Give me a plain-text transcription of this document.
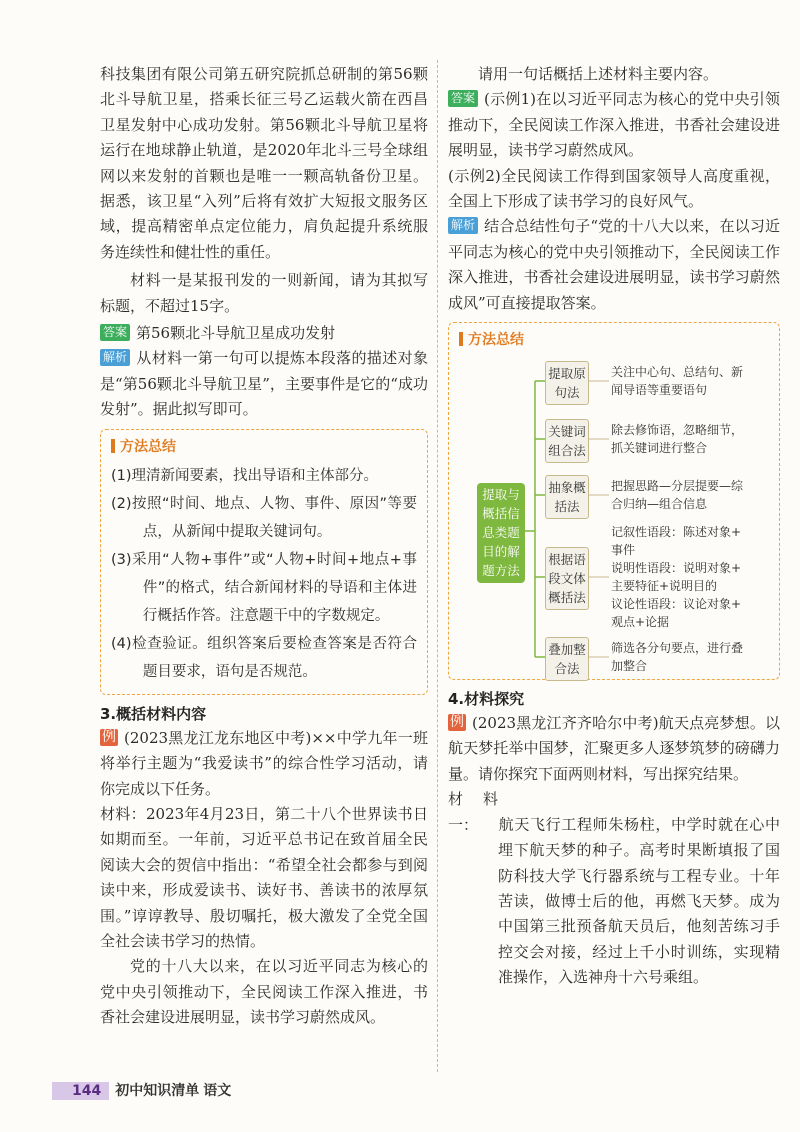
科技集团有限公司第五研究院抓总研制的第56颗北斗导航卫星，搭乘长征三号乙运载火箭在西昌卫星发射中心成功发射。第56颗北斗导航卫星将运行在地球静止轨道，是2020年北斗三号全球组网以来发射的首颗也是唯一一颗高轨备份卫星。据悉，该卫星“入列”后将有效扩大短报文服务区域，提高精密单点定位能力，肩负起提升系统服务连续性和健壮性的重任。

材料一是某报刊发的一则新闻，请为其拟写标题，不超过15字。

答案 第56颗北斗导航卫星成功发射

解析 从材料一第一句可以提炼本段落的描述对象是“第56颗北斗导航卫星”，主要事件是它的“成功发射”。据此拟写即可。

方法总结

(1)理清新闻要素，找出导语和主体部分。

(2)按照“时间、地点、人物、事件、原因”等要点，从新闻中提取关键词句。

(3)采用“人物+事件”或“人物+时间+地点+事件”的格式，结合新闻材料的导语和主体进行概括作答。注意题干中的字数规定。

(4)检查验证。组织答案后要检查答案是否符合题目要求，语句是否规范。

3.概括材料内容

例 (2023黑龙江龙东地区中考)××中学九年一班将举行主题为“我爱读书”的综合性学习活动，请你完成以下任务。

材料：2023年4月23日，第二十八个世界读书日如期而至。一年前，习近平总书记在致首届全民阅读大会的贺信中指出：“希望全社会都参与到阅读中来，形成爱读书、读好书、善读书的浓厚氛围。”谆谆教导、殷切嘱托，极大激发了全党全国全社会读书学习的热情。

党的十八大以来，在以习近平同志为核心的党中央引领推动下，全民阅读工作深入推进，书香社会建设进展明显，读书学习蔚然成风。

请用一句话概括上述材料主要内容。

答案 (示例1)在以习近平同志为核心的党中央引领推动下，全民阅读工作深入推进，书香社会建设进展明显，读书学习蔚然成风。

(示例2)全民阅读工作得到国家领导人高度重视，全国上下形成了读书学习的良好风气。

解析 结合总结性句子“党的十八大以来，在以习近平同志为核心的党中央引领推动下，全民阅读工作深入推进，书香社会建设进展明显，读书学习蔚然成风”可直接提取答案。

方法总结
提取与
概括信
息类题
目的解
题方法
提取原
句法
关注中心句、总结句、新
闻导语等重要语句
关键词
组合法
除去修饰语，忽略细节，
抓关键词进行整合
抽象概
括法
把握思路—分层提要—综
合归纳—组合信息
根据语
段文体
概括法
记叙性语段：陈述对象+
事件
说明性语段：说明对象+
主要特征+说明目的
议论性语段：议论对象+
观点+论据
叠加整
合法
筛选各分句要点，进行叠
加整合
4.材料探究

例 (2023黑龙江齐齐哈尔中考)航天点亮梦想。以航天梦托举中国梦，汇聚更多人逐梦筑梦的磅礴力量。请你探究下面两则材料，写出探究结果。

材料一： 航天飞行工程师朱杨柱，中学时就在心中埋下航天梦的种子。高考时果断填报了国防科技大学飞行器系统与工程专业。十年苦读，做博士后的他，再燃飞天梦。成为中国第三批预备航天员后，他刻苦练习手控交会对接，经过上千小时训练，实现精准操作，入选神舟十六号乘组。

144 初中知识清单 语文
